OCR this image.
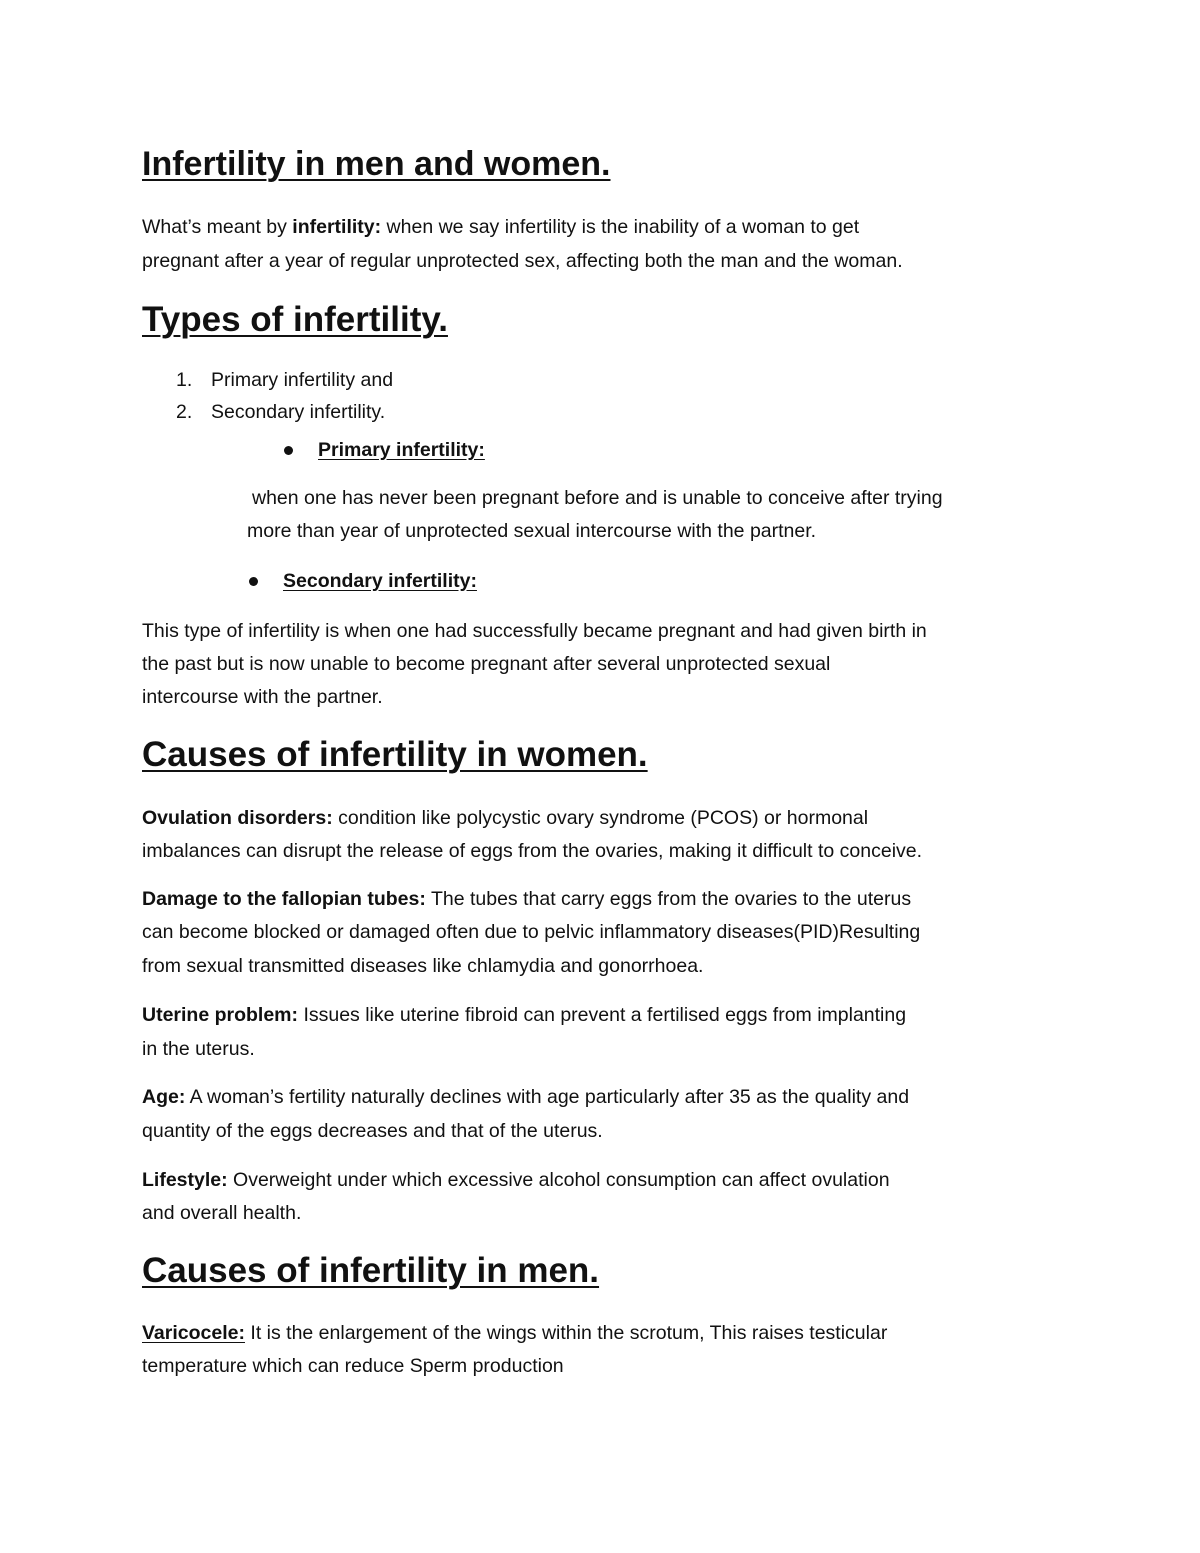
Infertility in men and women.
What’s meant by infertility: when we say infertility is the inability of a woman to get
pregnant after a year of regular unprotected sex, affecting both the man and the woman.
Types of infertility.
1. Primary infertility and
2. Secondary infertility.
Primary infertility:
when one has never been pregnant before and is unable to conceive after trying
more than year of unprotected sexual intercourse with the partner.
Secondary infertility:
This type of infertility is when one had successfully became pregnant and had given birth in
the past but is now unable to become pregnant after several unprotected sexual
intercourse with the partner.
Causes of infertility in women.
Ovulation disorders: condition like polycystic ovary syndrome (PCOS) or hormonal
imbalances can disrupt the release of eggs from the ovaries, making it difficult to conceive.
Damage to the fallopian tubes: The tubes that carry eggs from the ovaries to the uterus
can become blocked or damaged often due to pelvic inflammatory diseases(PID)Resulting
from sexual transmitted diseases like chlamydia and gonorrhoea.
Uterine problem: Issues like uterine fibroid can prevent a fertilised eggs from implanting
in the uterus.
Age: A woman’s fertility naturally declines with age particularly after 35 as the quality and
quantity of the eggs decreases and that of the uterus.
Lifestyle: Overweight under which excessive alcohol consumption can affect ovulation
and overall health.
Causes of infertility in men.
Varicocele: It is the enlargement of the wings within the scrotum, This raises testicular
temperature which can reduce Sperm production
